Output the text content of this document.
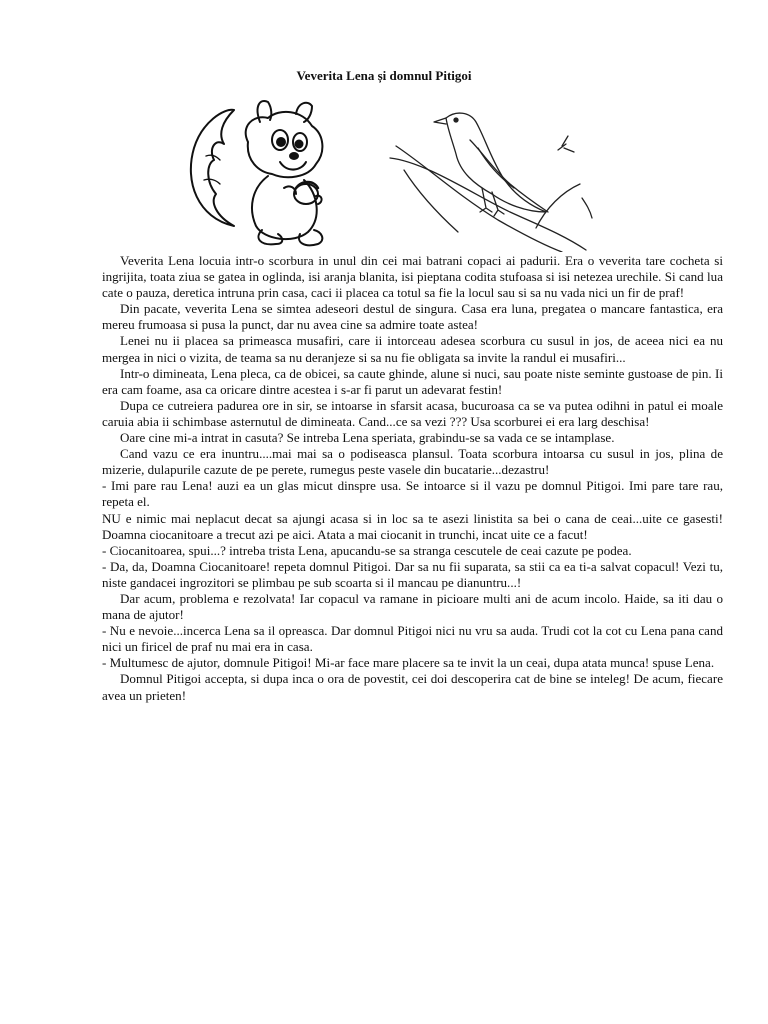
Veverita Lena și domnul Pitigoi

Veverita Lena locuia intr-o scorbura in unul din cei mai batrani copaci ai padurii. Era o veverita tare cocheta si ingrijita, toata ziua se gatea in oglinda, isi aranja blanita, isi pieptana codita stufoasa si isi netezea urechile. Si cand lua cate o pauza, deretica intruna prin casa, caci ii placea ca totul sa fie la locul sau si sa nu vada nici un fir de praf!

Din pacate, veverita Lena se simtea adeseori destul de singura. Casa era luna, pregatea o mancare fantastica, era mereu frumoasa si pusa la punct, dar nu avea cine sa admire toate astea!

Lenei nu ii placea sa primeasca musafiri, care ii intorceau adesea scorbura cu susul in jos, de aceea nici ea nu mergea in nici o vizita, de teama sa nu deranjeze si sa nu fie obligata sa invite la randul ei musafiri...

Intr-o dimineata, Lena pleca, ca de obicei, sa caute ghinde, alune si nuci, sau poate niste seminte gustoase de pin. Ii era cam foame, asa ca oricare dintre acestea i s-ar fi parut un adevarat festin!

Dupa ce cutreiera padurea ore in sir, se intoarse in sfarsit acasa, bucuroasa ca se va putea odihni in patul ei moale caruia abia ii schimbase asternutul de dimineata. Cand...ce sa vezi ??? Usa scorburei ei era larg deschisa!

Oare cine mi-a intrat in casuta? Se intreba Lena speriata, grabindu-se sa vada ce se intamplase.

Cand vazu ce era inuntru....mai mai sa o podiseasca plansul. Toata scorbura intoarsa cu susul in jos, plina de mizerie, dulapurile cazute de pe perete, rumegus peste vasele din bucatarie...dezastru!

- Imi pare rau Lena! auzi ea un glas micut dinspre usa. Se intoarce si il vazu pe domnul Pitigoi. Imi pare tare rau, repeta el.

NU e nimic mai neplacut decat sa ajungi acasa si in loc sa te asezi linistita sa bei o cana de ceai...uite ce gasesti! Doamna ciocanitoare a trecut azi pe aici. Atata a mai ciocanit in trunchi, incat uite ce a facut!

- Ciocanitoarea, spui...? intreba trista Lena, apucandu-se sa stranga cescutele de ceai cazute pe podea.

- Da, da, Doamna Ciocanitoare! repeta domnul Pitigoi. Dar sa nu fii suparata, sa stii ca ea ti-a salvat copacul! Vezi tu, niste gandacei ingrozitori se plimbau pe sub scoarta si il mancau pe dianuntru...!

Dar acum, problema e rezolvata! Iar copacul va ramane in picioare multi ani de acum incolo. Haide, sa iti dau o mana de ajutor!

- Nu e nevoie...incerca Lena sa il opreasca. Dar domnul Pitigoi nici nu vru sa auda. Trudi cot la cot cu Lena pana cand nici un firicel de praf nu mai era in casa.

- Multumesc de ajutor, domnule Pitigoi! Mi-ar face mare placere sa te invit la un ceai, dupa atata munca! spuse Lena.

Domnul Pitigoi accepta, si dupa inca o ora de povestit, cei doi descoperira cat de bine se inteleg! De acum, fiecare avea un prieten!
